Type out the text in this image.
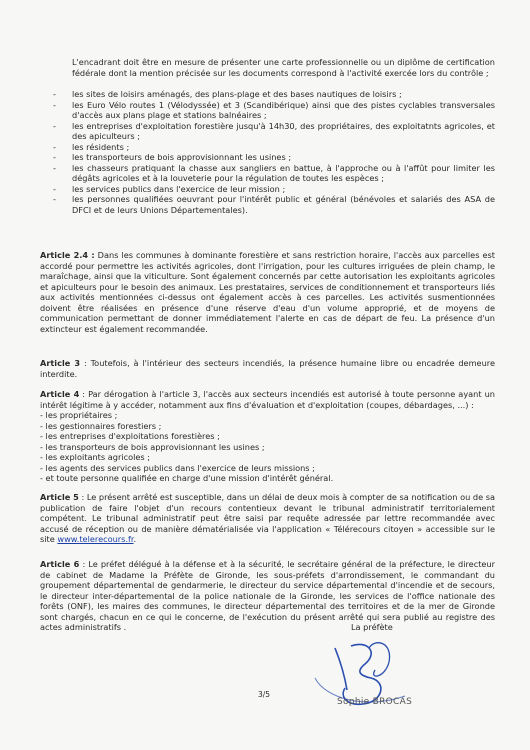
L'encadrant doit être en mesure de présenter une carte professionnelle ou un diplôme de certification fédérale dont la mention précisée sur les documents correspond à l'activité exercée lors du contrôle ;
- les sites de loisirs aménagés, des plans-plage et des bases nautiques de loisirs ;
- les Euro Vélo routes 1 (Vélodyssée) et 3 (Scandibérique) ainsi que des pistes cyclables transversales d'accès aux plans plage et stations balnéaires ;
- les entreprises d'exploitation forestière jusqu'à 14h30, des propriétaires, des exploitatnts agricoles, et des apiculteurs ;
- les résidents ;
- les transporteurs de bois approvisionnant les usines ;
- les chasseurs pratiquant la chasse aux sangliers en battue, à l'approche ou à l'affût pour limiter les dégâts agricoles et à la louveterie pour la régulation de toutes les espèces ;
- les services publics dans l'exercice de leur mission ;
- les personnes qualifiées oeuvrant pour l'intérêt public et général (bénévoles et salariés des ASA de DFCI et de leurs Unions Départementales).
Article 2.4 : Dans les communes à dominante forestière et sans restriction horaire, l'accès aux parcelles est accordé pour permettre les activités agricoles, dont l'irrigation, pour les cultures irriguées de plein champ, le maraîchage, ainsi que la viticulture. Sont également concernés par cette autorisation les exploitants agricoles et apiculteurs pour le besoin des animaux. Les prestataires, services de conditionnement et transporteurs liés aux activités mentionnées ci-dessus ont également accès à ces parcelles. Les activités susmentionnées doivent être réalisées en présence d'une réserve d'eau d'un volume approprié, et de moyens de communication permettant de donner immédiatement l'alerte en cas de départ de feu. La présence d'un extincteur est également recommandée.
Article 3 : Toutefois, à l'intérieur des secteurs incendiés, la présence humaine libre ou encadrée demeure interdite.
Article 4 : Par dérogation à l'article 3, l'accès aux secteurs incendiés est autorisé à toute personne ayant un intérêt légitime à y accéder, notamment aux fins d'évaluation et d'exploitation (coupes, débardages, ...) :
- les propriétaires ;
- les gestionnaires forestiers ;
- les entreprises d'exploitations forestières ;
- les transporteurs de bois approvisionnant les usines ;
- les exploitants agricoles ;
- les agents des services publics dans l'exercice de leurs missions ;
- et toute personne qualifiée en charge d'une mission d'intérêt général.
Article 5 : Le présent arrêté est susceptible, dans un délai de deux mois à compter de sa notification ou de sa publication de faire l'objet d'un recours contentieux devant le tribunal administratif territorialement compétent. Le tribunal administratif peut être saisi par requête adressée par lettre recommandée avec accusé de réception ou de manière dématérialisée via l'application « Télérecours citoyen » accessible sur le site www.telerecours.fr.
Article 6 : Le préfet délégué à la défense et à la sécurité, le secrétaire général de la préfecture, le directeur de cabinet de Madame la Préfète de Gironde, les sous-préfets d'arrondissement, le commandant du groupement départemental de gendarmerie, le directeur du service départemental d'incendie et de secours, le directeur inter-départemental de la police nationale de la Gironde, les services de l'office nationale des forêts (ONF), les maires des communes, le directeur départemental des territoires et de la mer de Gironde sont chargés, chacun en ce qui le concerne, de l'exécution du présent arrêté qui sera publié au registre des actes administratifs .	La préfète
3/5
Sophie BROCAS
